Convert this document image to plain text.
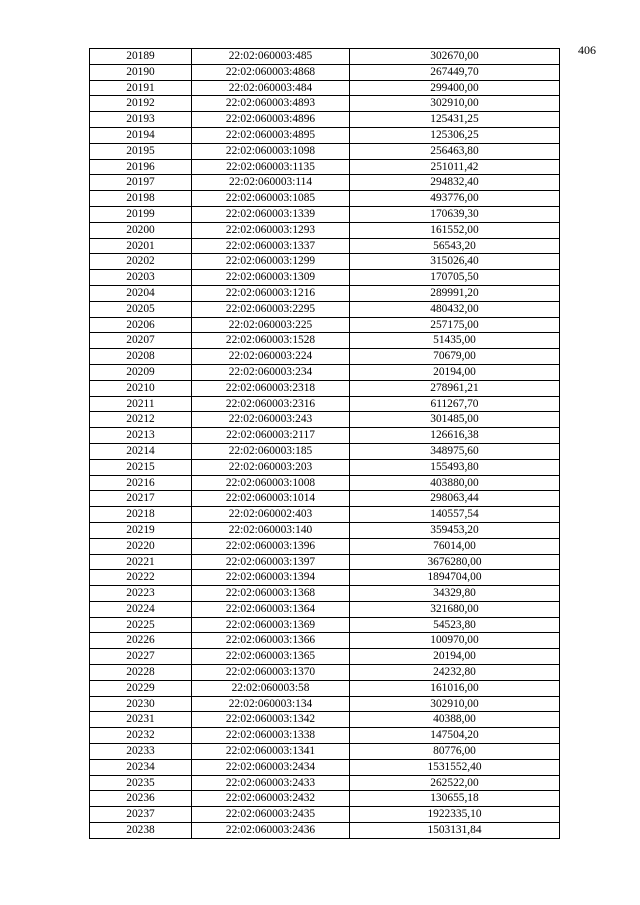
406
20189	22:02:060003:485	302670,00
20190	22:02:060003:4868	267449,70
20191	22:02:060003:484	299400,00
20192	22:02:060003:4893	302910,00
20193	22:02:060003:4896	125431,25
20194	22:02:060003:4895	125306,25
20195	22:02:060003:1098	256463,80
20196	22:02:060003:1135	251011,42
20197	22:02:060003:114	294832,40
20198	22:02:060003:1085	493776,00
20199	22:02:060003:1339	170639,30
20200	22:02:060003:1293	161552,00
20201	22:02:060003:1337	56543,20
20202	22:02:060003:1299	315026,40
20203	22:02:060003:1309	170705,50
20204	22:02:060003:1216	289991,20
20205	22:02:060003:2295	480432,00
20206	22:02:060003:225	257175,00
20207	22:02:060003:1528	51435,00
20208	22:02:060003:224	70679,00
20209	22:02:060003:234	20194,00
20210	22:02:060003:2318	278961,21
20211	22:02:060003:2316	611267,70
20212	22:02:060003:243	301485,00
20213	22:02:060003:2117	126616,38
20214	22:02:060003:185	348975,60
20215	22:02:060003:203	155493,80
20216	22:02:060003:1008	403880,00
20217	22:02:060003:1014	298063,44
20218	22:02:060002:403	140557,54
20219	22:02:060003:140	359453,20
20220	22:02:060003:1396	76014,00
20221	22:02:060003:1397	3676280,00
20222	22:02:060003:1394	1894704,00
20223	22:02:060003:1368	34329,80
20224	22:02:060003:1364	321680,00
20225	22:02:060003:1369	54523,80
20226	22:02:060003:1366	100970,00
20227	22:02:060003:1365	20194,00
20228	22:02:060003:1370	24232,80
20229	22:02:060003:58	161016,00
20230	22:02:060003:134	302910,00
20231	22:02:060003:1342	40388,00
20232	22:02:060003:1338	147504,20
20233	22:02:060003:1341	80776,00
20234	22:02:060003:2434	1531552,40
20235	22:02:060003:2433	262522,00
20236	22:02:060003:2432	130655,18
20237	22:02:060003:2435	1922335,10
20238	22:02:060003:2436	1503131,84
